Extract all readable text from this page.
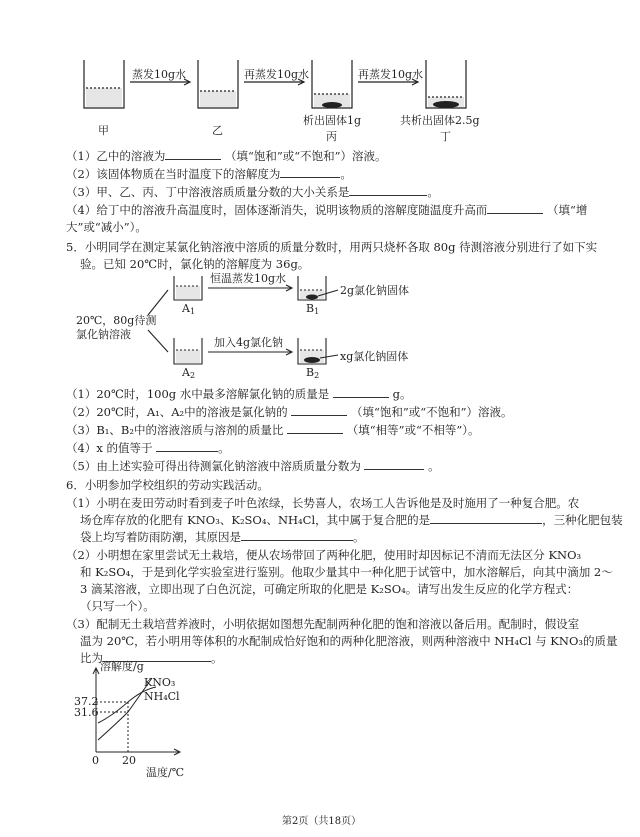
蒸发10g水	再蒸发10g水	再蒸发10g水
甲	乙
析出固体1g
丙
共析出固体2.5g
丁
（1）乙中的溶液为	（填“饱和”或“不饱和”）溶液。
（2）该固体物质在当时温度下的溶解度为	。
（3）甲、乙、丙、丁中溶液溶质质量分数的大小关系是	。
（4）给丁中的溶液升高温度时，固体逐渐消失，说明该物质的溶解度随温度升高而	（填“增
大”或“减小”）。
5．小明同学在测定某氯化钠溶液中溶质的质量分数时，用两只烧杯各取 80g 待测溶液分别进行了如下实
验。已知 20℃时，氯化钠的溶解度为 36g。
恒温蒸发10g水
加入4g氯化钠
2g氯化钠固体
xg氯化钠固体
20℃，80g待测
氯化钠溶液
$A_1$	$B_1$
$A_2$	$B_2$
（1）20℃时，100g 水中最多溶解氯化钠的质量是	g。
（2）20℃时，A₁、A₂中的溶液是氯化钠的	（填“饱和”或“不饱和”）溶液。
（3）B₁、B₂中的溶液溶质与溶剂的质量比	（填“相等”或“不相等”）。
（4）x 的值等于	。
（5）由上述实验可得出待测氯化钠溶液中溶质质量分数为	。
6．小明参加学校组织的劳动实践活动。
（1）小明在麦田劳动时看到麦子叶色浓绿，长势喜人，农场工人告诉他是及时施用了一种复合肥。农
场仓库存放的化肥有 KNO₃、K₂SO₄、NH₄Cl，其中属于复合肥的是	，三种化肥包装
袋上均写着防雨防潮，其原因是	。
（2）小明想在家里尝试无土栽培，便从农场带回了两种化肥，使用时却因标记不清而无法区分 KNO₃
和 K₂SO₄，于是到化学实验室进行鉴别。他取少量其中一种化肥于试管中，加水溶解后，向其中滴加 2～
3 滴某溶液，立即出现了白色沉淀，可确定所取的化肥是 K₂SO₄。请写出发生反应的化学方程式：
（只写一个）。
（3）配制无土栽培营养液时，小明依据如图想先配制两种化肥的饱和溶液以备后用。配制时，假设室
温为 20℃，若小明用等体积的水配制成恰好饱和的两种化肥溶液，则两种溶液中 NH₄Cl 与 KNO₃的质量
比为	。
溶解度/g
温度/℃
KNO₃
NH₄Cl
37.2
31.6
0 20
第2页（共18页）
